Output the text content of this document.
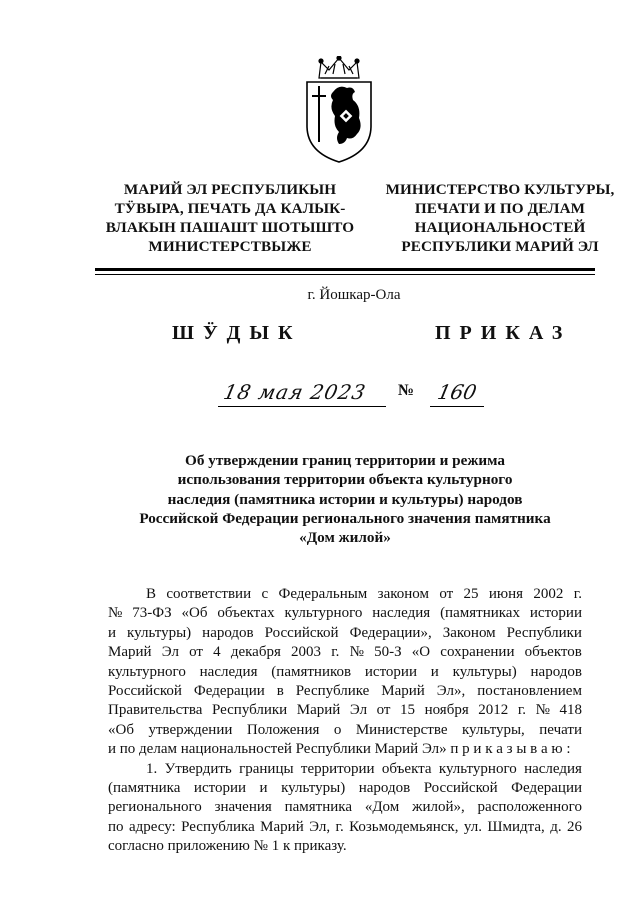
МАРИЙ ЭЛ РЕСПУБЛИКЫН
ТӰВЫРА, ПЕЧАТЬ ДА КАЛЫК-
ВЛАКЫН ПАШАШТ ШОТЫШТО
МИНИСТЕРСТВЫЖЕ
МИНИСТЕРСТВО КУЛЬТУРЫ,
ПЕЧАТИ И ПО ДЕЛАМ
НАЦИОНАЛЬНОСТЕЙ
РЕСПУБЛИКИ МАРИЙ ЭЛ
г. Йошкар-Ола
ШӰДЫК	ПРИКАЗ
18 мая 2023 № 160
Об утверждении границ территории и режима
использования территории объекта культурного
наследия (памятника истории и культуры) народов
Российской Федерации регионального значения памятника
«Дом жилой»
В соответствии с Федеральным законом от 25 июня 2002 г.
№ 73-ФЗ «Об объектах культурного наследия (памятниках истории
и культуры) народов Российской Федерации», Законом Республики
Марий Эл от 4 декабря 2003 г. № 50-З «О сохранении объектов
культурного наследия (памятников истории и культуры) народов
Российской Федерации в Республике Марий Эл», постановлением
Правительства Республики Марий Эл от 15 ноября 2012 г. № 418
«Об утверждении Положения о Министерстве культуры, печати
и по делам национальностей Республики Марий Эл» п р и к а з ы в а ю :
1. Утвердить границы территории объекта культурного наследия
(памятника истории и культуры) народов Российской Федерации
регионального значения памятника «Дом жилой», расположенного
по адресу: Республика Марий Эл, г. Козьмодемьянск, ул. Шмидта, д. 26
согласно приложению № 1 к приказу.
